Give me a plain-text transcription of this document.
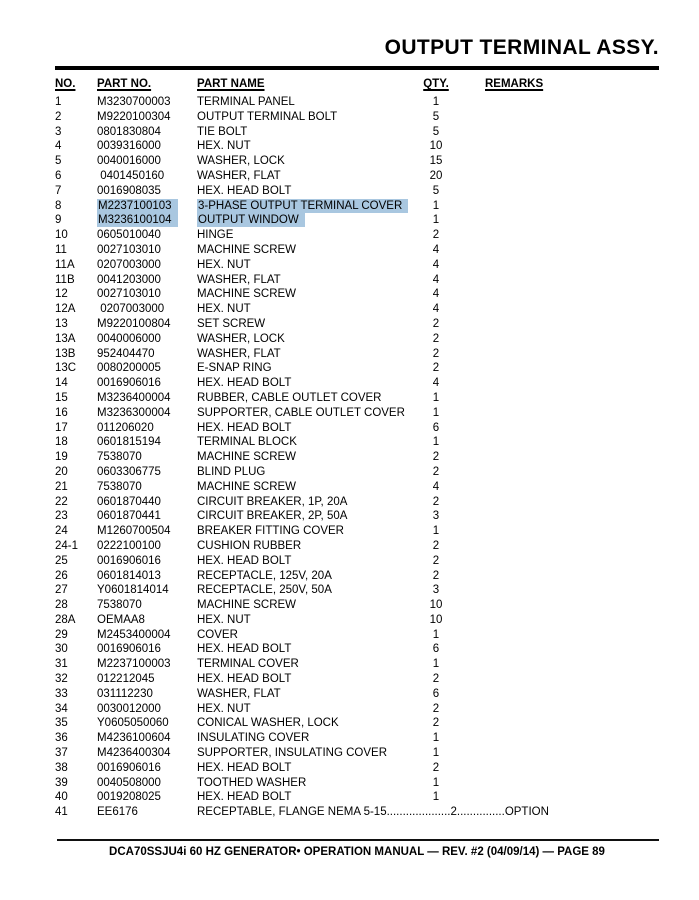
OUTPUT TERMINAL ASSY.
NO.	PART NO.	PART NAME	QTY.	REMARKS
1	M3230700003	TERMINAL PANEL	1
2	M9220100304	OUTPUT TERMINAL BOLT	5
3	0801830804	TIE BOLT	5
4	0039316000	HEX. NUT	10
5	0040016000	WASHER, LOCK	15
6	0401450160	WASHER, FLAT	20
7	0016908035	HEX. HEAD BOLT	5
8	M2237100103	3-PHASE OUTPUT TERMINAL COVER	1
9	M3236100104	OUTPUT WINDOW	1
10	0605010040	HINGE	2
11	0027103010	MACHINE SCREW	4
11A	0207003000	HEX. NUT	4
11B	0041203000	WASHER, FLAT	4
12	0027103010	MACHINE SCREW	4
12A	0207003000	HEX. NUT	4
13	M9220100804	SET SCREW	2
13A	0040006000	WASHER, LOCK	2
13B	952404470	WASHER, FLAT	2
13C	0080200005	E-SNAP RING	2
14	0016906016	HEX. HEAD BOLT	4
15	M3236400004	RUBBER, CABLE OUTLET COVER	1
16	M3236300004	SUPPORTER, CABLE OUTLET COVER	1
17	011206020	HEX. HEAD BOLT	6
18	0601815194	TERMINAL BLOCK	1
19	7538070	MACHINE SCREW	2
20	0603306775	BLIND PLUG	2
21	7538070	MACHINE SCREW	4
22	0601870440	CIRCUIT BREAKER, 1P, 20A	2
23	0601870441	CIRCUIT BREAKER, 2P, 50A	3
24	M1260700504	BREAKER FITTING COVER	1
24-1	0222100100	CUSHION RUBBER	2
25	0016906016	HEX. HEAD BOLT	2
26	0601814013	RECEPTACLE, 125V, 20A	2
27	Y0601814014	RECEPTACLE, 250V, 50A	3
28	7538070	MACHINE SCREW	10
28A	OEMAA8	HEX. NUT	10
29	M2453400004	COVER	1
30	0016906016	HEX. HEAD BOLT	6
31	M2237100003	TERMINAL COVER	1
32	012212045	HEX. HEAD BOLT	2
33	031112230	WASHER, FLAT	6
34	0030012000	HEX. NUT	2
35	Y0605050060	CONICAL WASHER, LOCK	2
36	M4236100604	INSULATING COVER	1
37	M4236400304	SUPPORTER, INSULATING COVER	1
38	0016906016	HEX. HEAD BOLT	2
39	0040508000	TOOTHED WASHER	1
40	0019208025	HEX. HEAD BOLT	1
41	EE6176	RECEPTABLE, FLANGE NEMA 5-15....................2...............OPTION
DCA70SSJU4i 60 HZ GENERATOR• OPERATION MANUAL — REV. #2 (04/09/14) — PAGE 89
